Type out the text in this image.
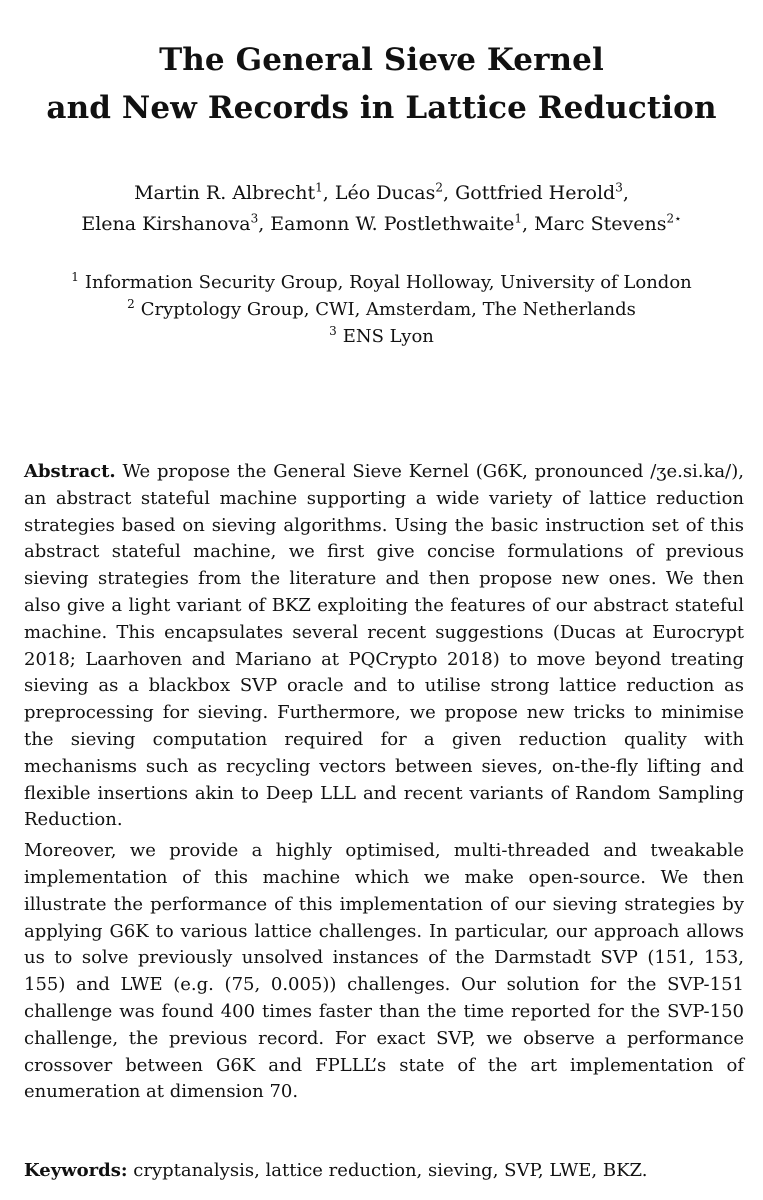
The General Sieve Kernel
and New Records in Lattice Reduction
Martin R. Albrecht$^1$, Léo Ducas$^2$, Gottfried Herold$^3$,
Elena Kirshanova$^3$, Eamonn W. Postlethwaite$^1$, Marc Stevens$^{2⋆}$
$^1$ Information Security Group, Royal Holloway, University of London
$^2$ Cryptology Group, CWI, Amsterdam, The Netherlands
$^3$ ENS Lyon

Abstract. We propose the General Sieve Kernel (G6K, pronounced /ʒe.si.ka/), an abstract stateful machine supporting a wide variety of lattice reduction strategies based on sieving algorithms. Using the basic instruction set of this abstract stateful machine, we first give concise formulations of previous sieving strategies from the literature and then propose new ones. We then also give a light variant of BKZ exploiting the features of our abstract stateful machine. This encapsulates several recent suggestions (Ducas at Eurocrypt 2018; Laarhoven and Mariano at PQCrypto 2018) to move beyond treating sieving as a blackbox SVP oracle and to utilise strong lattice reduction as preprocessing for sieving. Furthermore, we propose new tricks to minimise the sieving computation required for a given reduction quality with mechanisms such as recycling vectors between sieves, on-the-fly lifting and flexible insertions akin to Deep LLL and recent variants of Random Sampling Reduction.

Moreover, we provide a highly optimised, multi-threaded and tweakable implementation of this machine which we make open-source. We then illustrate the performance of this implementation of our sieving strategies by applying G6K to various lattice challenges. In particular, our approach allows us to solve previously unsolved instances of the Darmstadt SVP (151, 153, 155) and LWE (e.g. (75, 0.005)) challenges. Our solution for the SVP-151 challenge was found 400 times faster than the time reported for the SVP-150 challenge, the previous record. For exact SVP, we observe a performance crossover between G6K and FPLLL’s state of the art implementation of enumeration at dimension 70.

Keywords: cryptanalysis, lattice reduction, sieving, SVP, LWE, BKZ.
